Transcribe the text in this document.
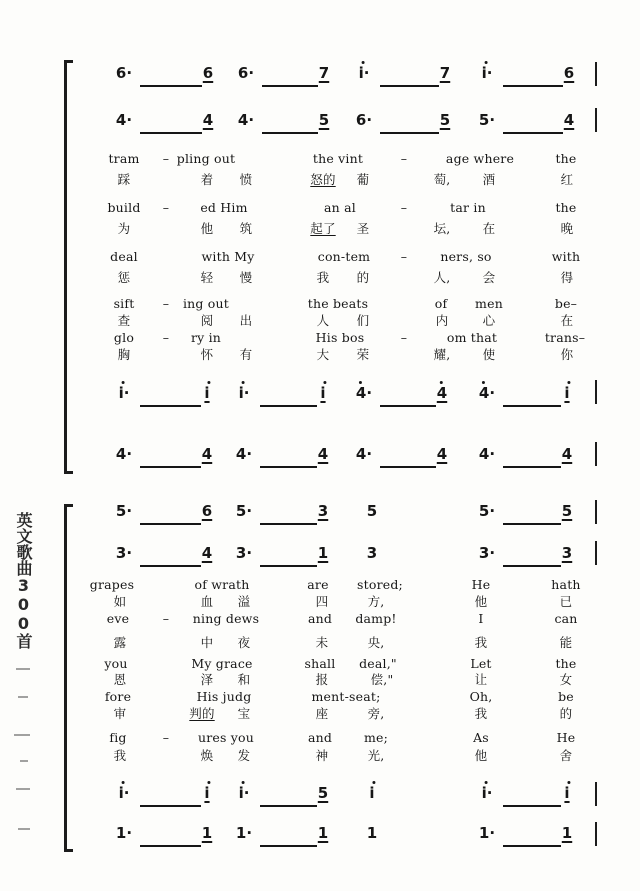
6·	6 6·	7 i·	7 i·	6
4·	4 4·	5 6·	5 5·	4
tram – pling out	the vint	–	age where	the
踩	着 愤	怒的 葡	萄,	酒	红
build – ed Him	an al	–	tar in	the
为	他 筑	起了 圣	坛,	在	晚
deal	with My	con-tem –	ners, so	with
惩	轻 慢	我 的	人,	会	得
sift – ing out	the beats	of men	be–
查	阅 出	人 们	内	心	在
glo – ry in	His bos	–	om that	trans–
胸	怀 有	大 荣	耀,	使	你
i·	i i·	i 4·	4 4·	i
4·	4 4·	4 4·	4 4·	4
英文歌曲300首
5·	6 5·	3	5	5·	5
3·	4 3·	1	3	3·	3
grapes	of wrath	are stored;	He	hath
如	血 溢	四	方,	他	已
eve	– ning dews	and damp!	I	can
露	中 夜	未	央,	我	能
you	My grace	shall deal,"	Let	the
恩	泽 和	报	偿,"	让	女
fore	His judg	ment-seat;	Oh,	be
审	判的 宝	座	旁,	我	的
fig	– ures you	and	me;	As	He
我	焕 发	神	光,	他	舍
i·	i i·	5	i	i·	i
1·	1 1·	1	1	1·	1
